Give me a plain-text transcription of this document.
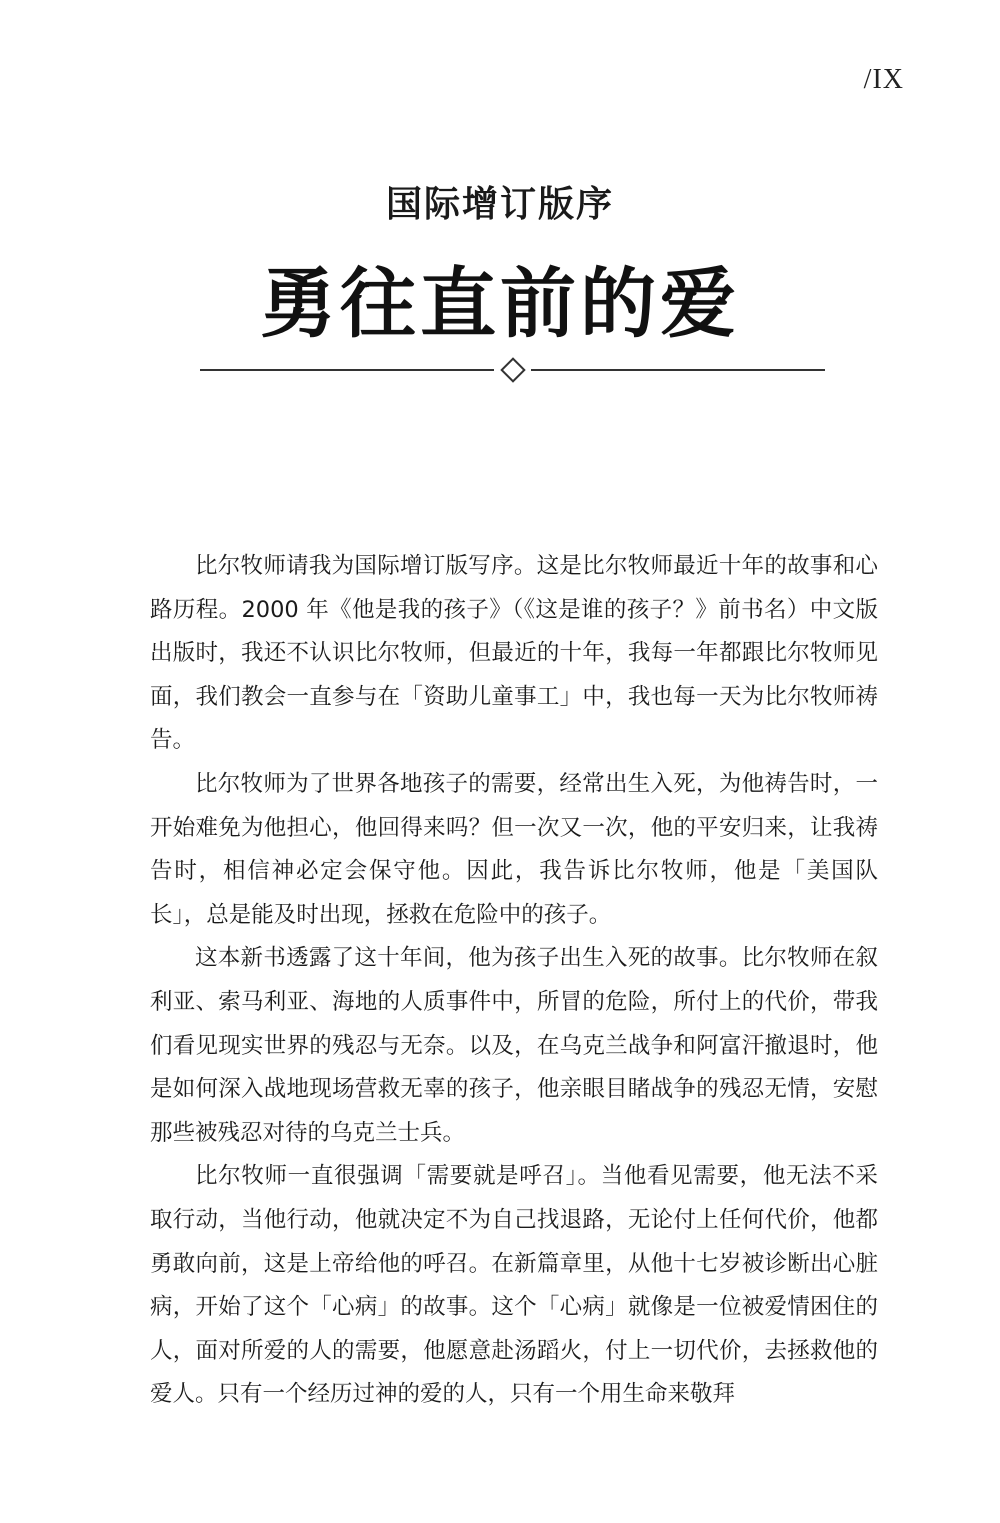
/IX
国际增订版序
勇往直前的爱

比尔牧师请我为国际增订版写序。这是比尔牧师最近十年的故事和心路历程。2000 年《他是我的孩子》（《这是谁的孩子？》前书名）中文版出版时，我还不认识比尔牧师，但最近的十年，我每一年都跟比尔牧师见面，我们教会一直参与在「资助儿童事工」中，我也每一天为比尔牧师祷告。

比尔牧师为了世界各地孩子的需要，经常出生入死，为他祷告时，一开始难免为他担心，他回得来吗？但一次又一次，他的平安归来，让我祷告时，相信神必定会保守他。因此，我告诉比尔牧师，他是「美国队长」，总是能及时出现，拯救在危险中的孩子。

这本新书透露了这十年间，他为孩子出生入死的故事。比尔牧师在叙利亚、索马利亚、海地的人质事件中，所冒的危险，所付上的代价，带我们看见现实世界的残忍与无奈。以及，在乌克兰战争和阿富汗撤退时，他是如何深入战地现场营救无辜的孩子，他亲眼目睹战争的残忍无情，安慰那些被残忍对待的乌克兰士兵。

比尔牧师一直很强调「需要就是呼召」。当他看见需要，他无法不采取行动，当他行动，他就决定不为自己找退路，无论付上任何代价，他都勇敢向前，这是上帝给他的呼召。在新篇章里，从他十七岁被诊断出心脏病，开始了这个「心病」的故事。这个「心病」就像是一位被爱情困住的人，面对所爱的人的需要，他愿意赴汤蹈火，付上一切代价，去拯救他的爱人。只有一个经历过神的爱的人，只有一个用生命来敬拜
